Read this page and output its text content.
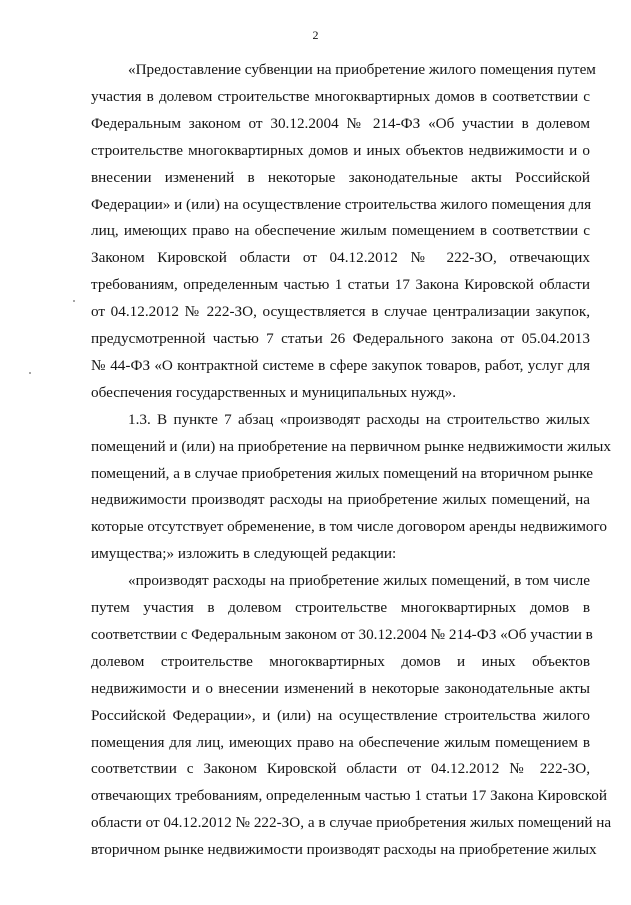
2
«Предоставление субвенции на приобретение жилого помещения путем
участия в долевом строительстве многоквартирных домов в соответствии с
Федеральным законом от 30.12.2004 № 214-ФЗ «Об участии в долевом
строительстве многоквартирных домов и иных объектов недвижимости и о
внесении изменений в некоторые законодательные акты Российской
Федерации» и (или) на осуществление строительства жилого помещения для
лиц, имеющих право на обеспечение жилым помещением в соответствии с
Законом Кировской области от 04.12.2012 № 222-ЗО, отвечающих
требованиям, определенным частью 1 статьи 17 Закона Кировской области
от 04.12.2012 № 222-ЗО, осуществляется в случае централизации закупок,
предусмотренной частью 7 статьи 26 Федерального закона от 05.04.2013
№ 44-ФЗ «О контрактной системе в сфере закупок товаров, работ, услуг для
обеспечения государственных и муниципальных нужд».
1.3. В пункте 7 абзац «производят расходы на строительство жилых
помещений и (или) на приобретение на первичном рынке недвижимости жилых
помещений, а в случае приобретения жилых помещений на вторичном рынке
недвижимости производят расходы на приобретение жилых помещений, на
которые отсутствует обременение, в том числе договором аренды недвижимого
имущества;» изложить в следующей редакции:
«производят расходы на приобретение жилых помещений, в том числе
путем участия в долевом строительстве многоквартирных домов в
соответствии с Федеральным законом от 30.12.2004 № 214-ФЗ «Об участии в
долевом строительстве многоквартирных домов и иных объектов
недвижимости и о внесении изменений в некоторые законодательные акты
Российской Федерации», и (или) на осуществление строительства жилого
помещения для лиц, имеющих право на обеспечение жилым помещением в
соответствии с Законом Кировской области от 04.12.2012 № 222-ЗО,
отвечающих требованиям, определенным частью 1 статьи 17 Закона Кировской
области от 04.12.2012 № 222-ЗО, а в случае приобретения жилых помещений на
вторичном рынке недвижимости производят расходы на приобретение жилых
